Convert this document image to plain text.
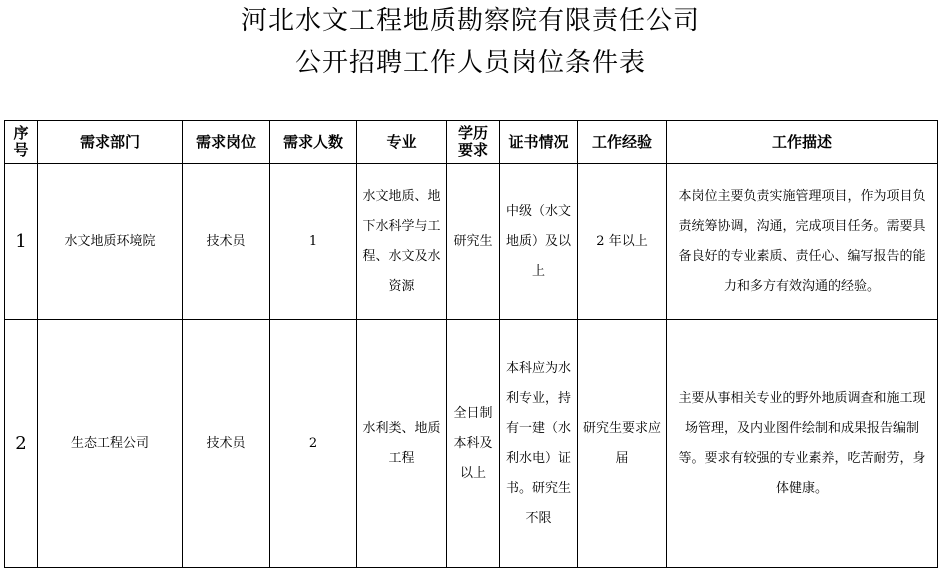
河北水文工程地质勘察院有限责任公司
公开招聘工作人员岗位条件表
序号	需求部门	需求岗位	需求人数	专业	学历要求	证书情况	工作经验	工作描述
1	水文地质环境院	技术员	1	水文地质、地下水科学与工程、水文及水资源	研究生	中级（水文地质）及以上	2 年以上	本岗位主要负责实施管理项目，作为项目负责统筹协调，沟通，完成项目任务。需要具备良好的专业素质、责任心、编写报告的能力和多方有效沟通的经验。
2	生态工程公司	技术员	2	水利类、地质工程	全日制本科及以上	本科应为水利专业，持有一建（水利水电）证书。研究生不限	研究生要求应届	主要从事相关专业的野外地质调查和施工现场管理，及内业图件绘制和成果报告编制等。要求有较强的专业素养，吃苦耐劳，身体健康。
